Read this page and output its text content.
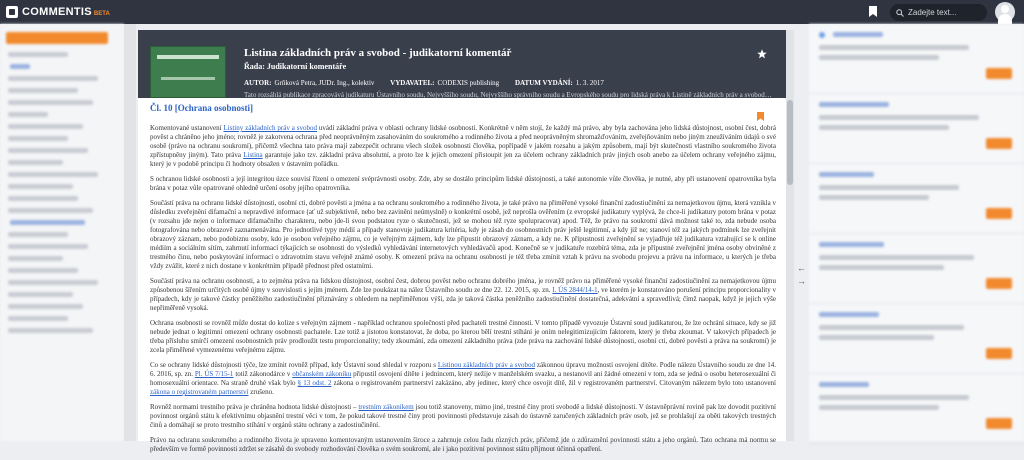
COMMENTIS BETA
Zadejte text...
Listina základních práv a svobod - judikatorní komentář
Řada: Judikatorní komentáře
AUTOR: Grňková Petra, JUDr. Ing., kolektiv VYDAVATEL: CODEXIS publishing DATUM VYDÁNÍ: 1. 3. 2017
Tato rozsáhlá publikace zpracovává judikaturu Ústavního soudu, Nejvyššího soudu, Nejvyššího správního soudu a Evropského soudu pro lidská práva k Listině základních práv a svobod…
Čl. 10 [Ochrana osobnosti]

Komentované ustanovení Listiny základních práv a svobod uvádí základní práva v oblasti ochrany lidské osobnosti. Konkrétně v něm stojí, že každý má právo, aby byla zachována jeho lidská důstojnost, osobní čest, dobrá pověst a chráněno jeho jméno; rovněž je zakotvena ochrana před neoprávněným zasahováním do soukromého a rodinného života a před neoprávněným shromažďováním, zveřejňováním nebo jiným zneužíváním údajů o své osobě (právo na ochranu soukromí), přičemž všechna tato práva mají zabezpečit ochranu všech složek osobnosti člověka, popřípadě v jakém rozsahu a jakým způsobem, mají být skutečnosti vlastního soukromého života zpřístupněny jiným). Tato práva Listina garantuje jako tzv. základní práva absolutní, a proto lze k jejich omezení přistoupit jen za účelem ochrany základních práv jiných osob anebo za účelem ochrany veřejného zájmu, který je v podobě principu či hodnoty obsažen v ústavním pořádku.

S ochranou lidské osobnosti a její integritou úzce souvisí řízení o omezení svéprávnosti osoby. Zde, aby se dostálo principům lidské důstojnosti, a také autonomie vůle člověka, je nutné, aby při ustanovení opatrovníka byla brána v potaz vůle opatrované ohledně určení osoby jejího opatrovníka.

Součástí práva na ochranu lidské důstojnosti, osobní cti, dobré pověsti a jména a na ochranu soukromého a rodinného života, je také právo na přiměřené vysoké finanční zadostiučinění za nemajetkovou újmu, která vznikla v důsledku zveřejnění difamační a nepravdivé informace (ať už subjektivně, nebo bez zavinění neúmyslně) o konkrétní osobě, jež neprošla ověřením (z evropské judikatury vyplývá, že chce-li judikatury potom brána v potaz (v rozsahu jde nejen o informace difamačního charakteru, nebo jde-li svou podstatou ryze o skutečnosti, jež se mohou též ryze spolupracovat) apod. Též, že právo na soukromí dává možnost také to, zda nebude osoba fotografována nebo obrazově zaznamenávána. Pro jednotlivé typy médií a případy stanovuje judikatura kritéria, kdy je zásah do osobnostních práv ještě legitimní, a kdy již ne; stanoví též za jakých podmínek lze zveřejnit obrazový záznam, nebo podobiznu osoby, kdo je osobou veřejného zájmu, co je veřejným zájmem, kdy lze připustit obrazový záznam, a kdy ne. K přípustnosti zveřejnění se vyjadřuje též judikatura vztahující se k online médiím a sociálním sítím, zahrnutí informací týkajících se osobnosti do výsledků vyhledávání internetových vyhledávačů apod. Konečně se v judikatuře rozebírá téma, zda je přípustné zveřejnění jména osoby obviněné z trestného činu, nebo poskytování informací o zdravotním stavu veřejně známé osoby. K omezení práva na ochranu osobnosti je též třeba zmínit vztah k právu na svobodu projevu a právu na informace, u kterých je třeba vždy zvážit, které z nich dostane v konkrétním případě přednost před ostatními.

Součástí práva na ochranu osobnosti, a to zejména práva na lidskou důstojnost, osobní čest, dobrou pověst nebo ochranu dobrého jména, je rovněž právo na přiměřené vysoké finanční zadostiučinění za nemajetkovou újmu způsobenou šířením určitých osobě újmy v souvislosti s jejím jménem. Zde lze poukázat na nález Ústavního soudu ze dne 22. 12. 2015, sp. zn. I. ÚS 2844/14-1, ve kterém je konstatováno porušení principu proporcionality v případech, kdy je takové částky peněžitého zadostiučinění přiznávány s ohledem na nepřiměřenou výši, zda je taková částka peněžního zadostiučinění dostatečná, adekvátní a spravedlivá; čímž naopak, když je jejich výše nepřiměřeně vysoká.

Ochrana osobnosti se rovněž může dostat do kolize s veřejným zájmem - například ochranou společnosti před pachateli trestné činnosti. V tomto případě vyvozuje Ústavní soud judikaturou, že lze ochrání situace, kdy se již nebude jednat o legitimní omezení ochrany osobnosti pachatele. Lze totiž a jistotou konstatovat, že doba, po kterou bělí trestní stíhání je oním nelegitimizujícím faktorem, který je třeba zkoumat. V takových případech je třeba přísluhu smírčí omezení osobnostních práv prodloužit testu proporcionality; tedy zkoumání, zda omezení základního práva (zde práva na zachování lidské důstojnosti, osobní cti, dobré pověsti a práva na soukromí) je zcela přiměřené vymezenému veřejnému zájmu.

Co se ochrany lidské důstojnosti týče, lze zmínit rovněž případ, kdy Ústavní soud shledal v rozporu s Listinou základních práv a svobod zákonnou úpravu možnosti osvojení dítěte. Podle nálezu Ústavního soudu ze dne 14. 6. 2016, sp. zn. Pl. ÚS 7/15-1 totiž zákonodárce v občanském zákoníku připustil osvojení dítěte i jednincem, který nežije v manželském svazku, a nestanovil ani žádné omezení v tom, zda se jedná o osobu heterosexuální či homosexuální orientace. Na straně druhé však bylo § 13 odst. 2 zákona o registrovaném partnerství zakázáno, aby jedinec, který chce osvojit dítě, žil v registrovaném partnerství. Citovaným nálezem bylo toto ustanovení zákona o registrovaném partnerství zrušeno.

Rovněž normami trestního práva je chráněna hodnota lidské důstojnosti – trestním zákoníkem jsou totiž stanoveny, mimo jiné, trestné činy proti svobodě a lidské důstojnosti. V ústavněprávní rovině pak lze dovodit pozitivní povinnost orgánů státu k efektivnímu objasnění trestní věci v tom, že pokud takové trestné činy proti povinnosti představuje zásah do ústavně zaručených základních práv osob, jež se prohlašují za oběti takových trestných činů a domáhají se proto trestního stíhání v orgánů státu ochrany a zadostiučinění.

Právo na ochranu soukromého a rodinného života je upraveno komentovaným ustanovením široce a zahrnuje celou řadu různých práv, přičemž jde o zdůraznění povinnosti státu a jeho orgánů. Tato ochrana má normu se především ve formě povinnosti zdržet se zásahů do svobody rozhodování člověka o svém soukromí, ale i jako pozitivní povinnost státu přijmout účinná opatření.

←
→
